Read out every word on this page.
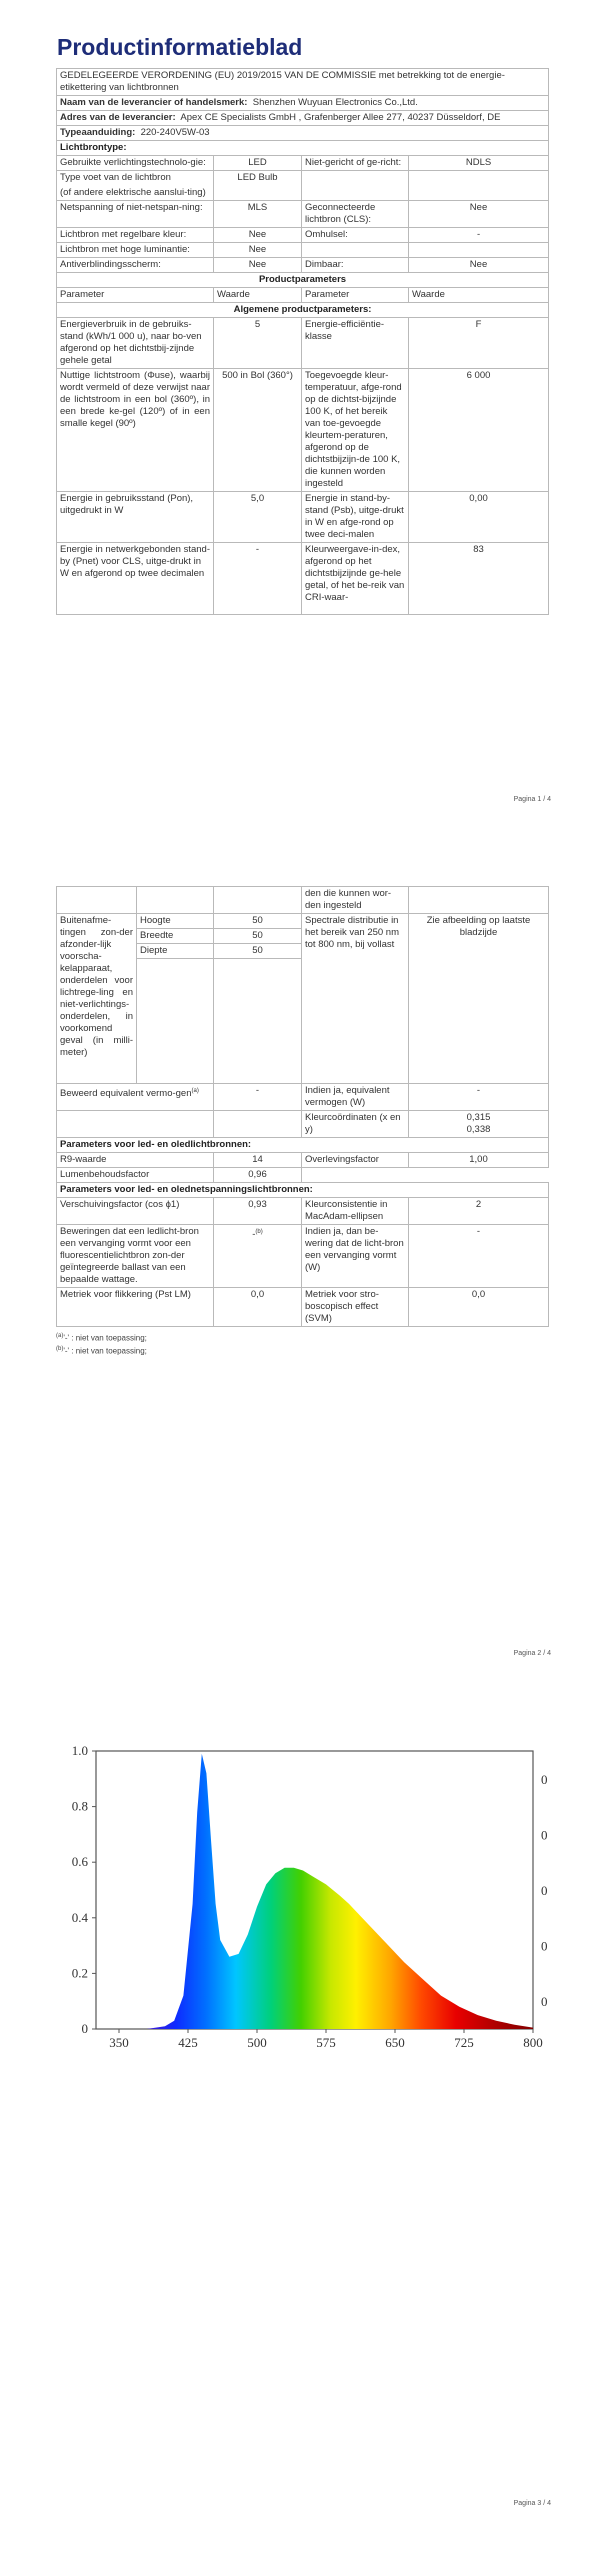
Productinformatieblad
GEDELEGEERDE VERORDENING (EU) 2019/2015 VAN DE COMMISSIE met betrekking tot de energie-etikettering van lichtbronnen			
Naam van de leverancier of handelsmerk: Shenzhen Wuyuan Electronics Co.,Ltd.			
Adres van de leverancier: Apex CE Specialists GmbH , Grafenberger Allee 277, 40237 Düsseldorf, DE			
Typeaanduiding: 220-240V5W-03			
Lichtbrontype:			
Gebruikte verlichtingstechnolo-gie:	LED	Niet-gericht of ge-richt:	NDLS

Type voet van de lichtbron
(of andere elektrische aanslui-ting)	LED Bulb		
Netspanning of niet-netspan-ning:	MLS	Geconnecteerde lichtbron (CLS):	Nee
Lichtbron met regelbare kleur:	Nee	Omhulsel:	-
Lichtbron met hoge luminantie:	Nee		
Antiverblindingsscherm:	Nee	Dimbaar:	Nee
Productparameters			
Parameter	Waarde	Parameter	Waarde
Algemene productparameters:			
Energieverbruik in de gebruiks-stand (kWh/1 000 u), naar bo-ven afgerond op het dichtstbij-zijnde gehele getal	5	Energie-efficiëntie-klasse	F
Nuttige lichtstroom (Φuse), waarbij wordt vermeld of deze verwijst naar de lichtstroom in een bol (360º), in een brede ke-gel (120º) of in een smalle kegel (90º)	500 in Bol (360°)	Toegevoegde kleur-temperatuur, afge-rond op de dichtst-bijzijnde 100 K, of het bereik van toe-gevoegde kleurtem-peraturen, afgerond op de dichtstbijzijn-de 100 K, die kunnen worden ingesteld	6 000
Energie in gebruiksstand (Pon), uitgedrukt in W	5,0	Energie in stand-by-stand (Psb), uitge-drukt in W en afge-rond op twee deci-malen	0,00
Energie in netwerkgebonden stand-by (Pnet) voor CLS, uitge-drukt in W en afgerond op twee decimalen	-	Kleurweergave-in-dex, afgerond op het dichtstbijzijnde ge-hele getal, of het be-reik van CRI-waar-	83
Pagina 1 / 4
			den die kunnen wor-den ingesteld	
Buitenafme-tingen zon-der afzonder-lijk voorscha-kelapparaat, onderdelen voor lichtrege-ling en niet-verlichtings-onderdelen, in voorkomend geval (in milli-meter)	Hoogte	50	Spectrale distributie in het bereik van 250 nm tot 800 nm, bij vollast	Zie afbeelding op laatste bladzijde
	Breedte	50		
	Diepte	50		

Beweerd equivalent vermo-gen$^{(a)}$		-	Indien ja, equivalent vermogen (W)	-
			Kleurcoördinaten (x en y)	0,315
0,338

Parameters voor led- en oledlichtbronnen:				
R9-waarde		14	Overlevingsfactor	1,00
Lumenbehoudsfactor		0,96		
Parameters voor led- en olednetspanningslichtbronnen:				
Verschuivingsfactor (cos ϕ1)		0,93	Kleurconsistentie in MacAdam-ellipsen	2
Beweringen dat een ledlicht-bron een vervanging vormt voor een fluorescentielichtbron zon-der geïntegreerde ballast van een bepaalde wattage.		-$^{(b)}$	Indien ja, dan be-wering dat de licht-bron een vervanging vormt (W)	-
Metriek voor flikkering (Pst LM)		0,0	Metriek voor stro-boscopisch effect (SVM)	0,0
$^{(a)}$'-' : niet van toepassing;
$^{(b)}$'-' : niet van toepassing;
Pagina 2 / 4
0
0.2
0.4
0.6
0.8
1.0
350	425	500	575	650	725	800
0
0
0
0
0
Pagina 3 / 4
